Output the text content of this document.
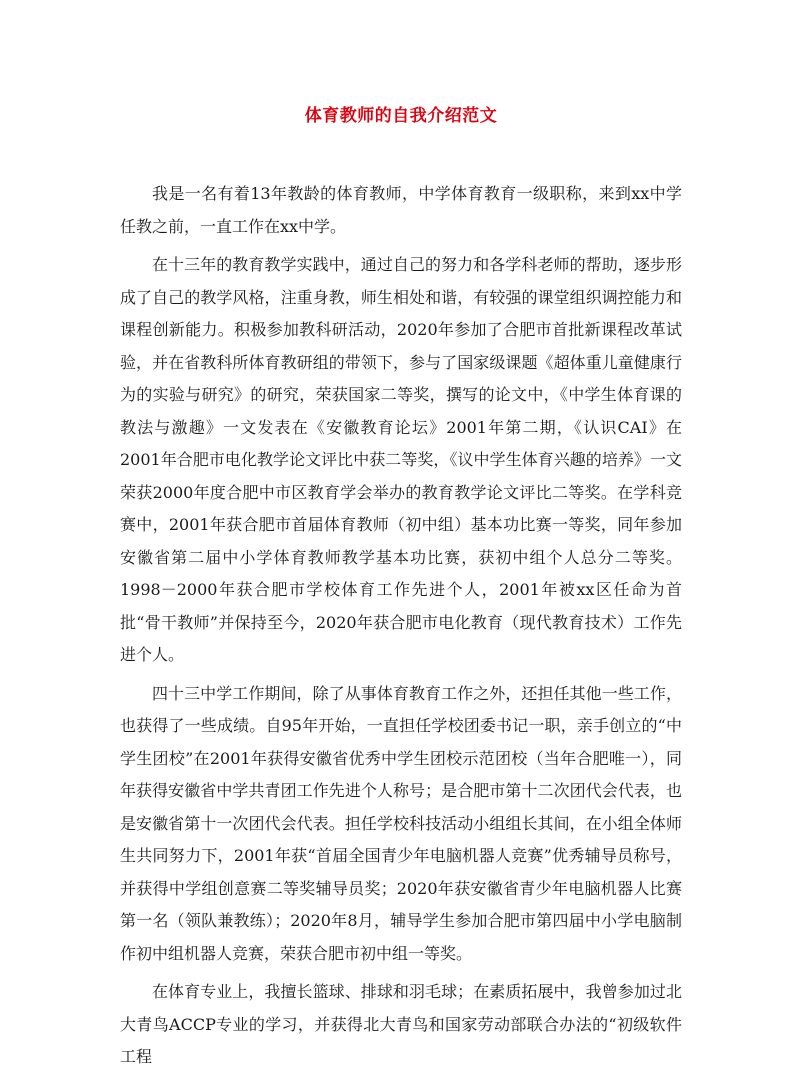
体育教师的自我介绍范文

我是一名有着13年教龄的体育教师，中学体育教育一级职称，来到xx中学任教之前，一直工作在xx中学。

在十三年的教育教学实践中，通过自己的努力和各学科老师的帮助，逐步形成了自己的教学风格，注重身教，师生相处和谐，有较强的课堂组织调控能力和课程创新能力。积极参加教科研活动，2020年参加了合肥市首批新课程改革试验，并在省教科所体育教研组的带领下，参与了国家级课题《超体重儿童健康行为的实验与研究》的研究，荣获国家二等奖，撰写的论文中，《中学生体育课的教法与激趣》一文发表在《安徽教育论坛》2001年第二期，《认识CAI》在2001年合肥市电化教学论文评比中获二等奖，《议中学生体育兴趣的培养》一文荣获2000年度合肥中市区教育学会举办的教育教学论文评比二等奖。在学科竞赛中，2001年获合肥市首届体育教师（初中组）基本功比赛一等奖，同年参加安徽省第二届中小学体育教师教学基本功比赛，获初中组个人总分二等奖。1998－2000年获合肥市学校体育工作先进个人，2001年被xx区任命为首批“骨干教师”并保持至今，2020年获合肥市电化教育（现代教育技术）工作先进个人。

四十三中学工作期间，除了从事体育教育工作之外，还担任其他一些工作，也获得了一些成绩。自95年开始，一直担任学校团委书记一职，亲手创立的“中学生团校”在2001年获得安徽省优秀中学生团校示范团校（当年合肥唯一），同年获得安徽省中学共青团工作先进个人称号；是合肥市第十二次团代会代表，也是安徽省第十一次团代会代表。担任学校科技活动小组组长其间，在小组全体师生共同努力下，2001年获“首届全国青少年电脑机器人竞赛”优秀辅导员称号，并获得中学组创意赛二等奖辅导员奖；2020年获安徽省青少年电脑机器人比赛第一名（领队兼教练）；2020年8月，辅导学生参加合肥市第四届中小学电脑制作初中组机器人竞赛，荣获合肥市初中组一等奖。

在体育专业上，我擅长篮球、排球和羽毛球；在素质拓展中，我曾参加过北大青鸟ACCP专业的学习，并获得北大青鸟和国家劳动部联合办法的“初级软件工程
